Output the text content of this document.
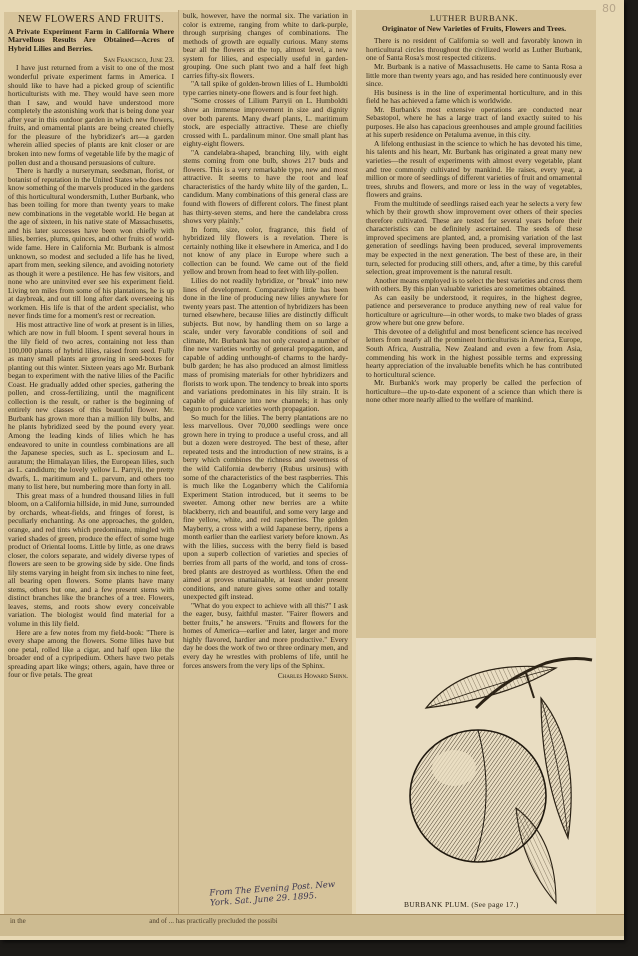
80
NEW FLOWERS AND FRUITS.

A Private Experiment Farm in California Where Marvellous Results Are Obtained—Acres of Hybrid Lilies and Berries.

San Francisco, June 23.

I have just returned from a visit to one of the most wonderful private experiment farms in America. I should like to have had a picked group of scientific horticulturists with me. They would have seen more than I saw, and would have understood more completely the astonishing work that is being done year after year in this outdoor garden in which new flowers, fruits, and ornamental plants are being created chiefly for the pleasure of the hybridizer's art—a garden wherein allied species of plants are knit closer or are broken into new forms of vegetable life by the magic of pollen dust and a thousand persuasions of culture.

There is hardly a nurseryman, seedsman, florist, or botanist of reputation in the United States who does not know something of the marvels produced in the gardens of this horticultural wondersmith, Luther Burbank, who has been toiling for more than twenty years to make new combinations in the vegetable world. He began at the age of sixteen, in his native state of Massachusetts, and his later successes have been won chiefly with lilies, berries, plums, quinces, and other fruits of world-wide fame. Here in California Mr. Burbank is almost unknown, so modest and secluded a life has he lived, apart from men, seeking silence, and avoiding notoriety as though it were a pestilence. He has few visitors, and none who are uninvited ever see his experiment field. Living ten miles from some of his plantations, he is up at daybreak, and out till long after dark overseeing his workmen. His life is that of the ardent specialist, who never finds time for a moment's rest or recreation.

His most attractive line of work at present is in lilies, which are now in full bloom. I spent several hours in the lily field of two acres, containing not less than 100,000 plants of hybrid lilies, raised from seed. Fully as many small plants are growing in seed-boxes for planting out this winter. Sixteen years ago Mr. Burbank began to experiment with the native lilies of the Pacific Coast. He gradually added other species, gathering the pollen, and cross-fertilizing, until the magnificent collection is the result, or rather is the beginning of entirely new classes of this beautiful flower. Mr. Burbank has grown more than a million lily bulbs, and he plants hybridized seed by the pound every year. Among the leading kinds of lilies which he has endeavored to unite in countless combinations are all the Japanese species, such as L. speciosum and L. auratum; the Himalayan lilies, the European lilies, such as L. candidum; the lovely yellow L. Parryii, the pretty dwarfs, L. maritimum and L. parvum, and others too many to list here, but numbering more than forty in all.

This great mass of a hundred thousand lilies in full bloom, on a California hillside, in mid June, surrounded by orchards, wheat-fields, and fringes of forest, is peculiarly enchanting. As one approaches, the golden, orange, and red tints which predominate, mingled with varied shades of green, produce the effect of some huge product of Oriental looms. Little by little, as one draws closer, the colors separate, and widely diverse types of flowers are seen to be growing side by side. One finds lily stems varying in height from six inches to nine feet, all bearing open flowers. Some plants have many stems, others but one, and a few present stems with distinct branches like the branches of a tree. Flowers, leaves, stems, and roots show every conceivable variation. The biologist would find material for a volume in this lily field.

Here are a few notes from my field-book: "There is every shape among the flowers. Some lilies have but one petal, rolled like a cigar, and half open like the broader end of a cypripedium. Others have two petals spreading apart like wings; others, again, have three or four or five petals. The great

bulk, however, have the normal six. The variation in color is extreme, ranging from white to dark-purple, through surprising changes of combinations. The methods of growth are equally curious. Many stems bear all the flowers at the top, almost level, a new system for lilies, and especially useful in garden-grouping. One such plant two and a half feet high carries fifty-six flowers.

"A tall spike of golden-brown lilies of L. Humboldti type carries ninety-one flowers and is four feet high.

"Some crosses of Lilium Parryii on L. Humboldti show an immense improvement in size and dignity over both parents. Many dwarf plants, L. maritimum stock, are especially attractive. These are chiefly crossed with L. pardalinum minor. One small plant has eighty-eight flowers.

"A candelabra-shaped, branching lily, with eight stems coming from one bulb, shows 217 buds and flowers. This is a very remarkable type, new and most attractive. It seems to have the root and leaf characteristics of the hardy white lily of the garden, L. candidum. Many combinations of this general class are found with flowers of different colors. The finest plant has thirty-seven stems, and here the candelabra cross shows very plainly."

In form, size, color, fragrance, this field of hybridized lily flowers is a revelation. There is certainly nothing like it elsewhere in America, and I do not know of any place in Europe where such a collection can be found. We came out of the field yellow and brown from head to feet with lily-pollen.

Lilies do not readily hybridize, or "break" into new lines of development. Comparatively little has been done in the line of producing new lilies anywhere for twenty years past. The attention of hybridizers has been turned elsewhere, because lilies are distinctly difficult subjects. But now, by handling them on so large a scale, under very favorable conditions of soil and climate, Mr. Burbank has not only created a number of fine new varieties worthy of general propagation, and capable of adding unthought-of charms to the hardy-bulb garden; he has also produced an almost limitless mass of promising materials for other hybridizers and florists to work upon. The tendency to break into sports and variations predominates in his lily strain. It is capable of guidance into new channels; it has only begun to produce varieties worth propagation.

So much for the lilies. The berry plantations are no less marvellous. Over 70,000 seedlings were once grown here in trying to produce a useful cross, and all but a dozen were destroyed. The best of these, after repeated tests and the introduction of new strains, is a berry which combines the richness and sweetness of the wild California dewberry (Rubus ursinus) with some of the characteristics of the best raspberries. This is much like the Loganberry which the California Experiment Station introduced, but it seems to be sweeter. Among other new berries are a white blackberry, rich and beautiful, and some very large and fine yellow, white, and red raspberries. The golden Mayberry, a cross with a wild Japanese berry, ripens a month earlier than the earliest variety before known. As with the lilies, success with the berry field is based upon a superb collection of varieties and species of berries from all parts of the world, and tons of cross-bred plants are destroyed as worthless. Often the end aimed at proves unattainable, at least under present conditions, and nature gives some other and totally unexpected gift instead.

"What do you expect to achieve with all this?" I ask the eager, busy, faithful master. "Fairer flowers and better fruits," he answers. "Fruits and flowers for the homes of America—earlier and later, larger and more highly flavored, hardier and more productive." Every day he does the work of two or three ordinary men, and every day he wrestles with problems of life, until he forces answers from the very lips of the Sphinx.

Charles Howard Shinn.
LUTHER BURBANK.
Originator of New Varieties of Fruits, Flowers and Trees.

There is no resident of California so well and favorably known in horticultural circles throughout the civilized world as Luther Burbank, one of Santa Rosa's most respected citizens.

Mr. Burbank is a native of Massachusetts. He came to Santa Rosa a little more than twenty years ago, and has resided here continuously ever since.

His business is in the line of experimental horticulture, and in this field he has achieved a fame which is worldwide.

Mr. Burbank's most extensive operations are conducted near Sebastopol, where he has a large tract of land exactly suited to his purposes. He also has capacious greenhouses and ample ground facilities at his superb residence on Petaluma avenue, in this city.

A lifelong enthusiast in the science to which he has devoted his time, his talents and his heart, Mr. Burbank has originated a great many new varieties—the result of experiments with almost every vegetable, plant and tree commonly cultivated by mankind. He raises, every year, a million or more of seedlings of different varieties of fruit and ornamental trees, shrubs and flowers, and more or less in the way of vegetables, flowers and grains.

From the multitude of seedlings raised each year he selects a very few which by their growth show improvement over others of their species therefore cultivated. These are tested for several years before their characteristics can be definitely ascertained. The seeds of these improved specimens are planted, and, a promising variation of the last generation of seedlings having been produced, several improvements may be expected in the next generation. The best of these are, in their turn, selected for producing still others, and, after a time, by this careful selection, great improvement is the natural result.

Another means employed is to select the best varieties and cross them with others. By this plan valuable varieties are sometimes obtained.

As can easily be understood, it requires, in the highest degree, patience and perseverance to produce anything new of real value for horticulture or agriculture—in other words, to make two blades of grass grow where but one grew before.

This devotee of a delightful and most beneficent science has received letters from nearly all the prominent horticulturists in America, Europe, South Africa, Australia, New Zealand and even a few from Asia, commending his work in the highest possible terms and expressing hearty appreciation of the invaluable benefits which he has contributed to horticultural science.

Mr. Burbank's work may properly be called the perfection of horticulture—the up-to-date exponent of a science than which there is none other more nearly allied to the welfare of mankind.

BURBANK PLUM. (See page 17.)
From The Evening Post. New York. Sat. June 29. 1895.
in the	and of ... has practically precluded the possibi
